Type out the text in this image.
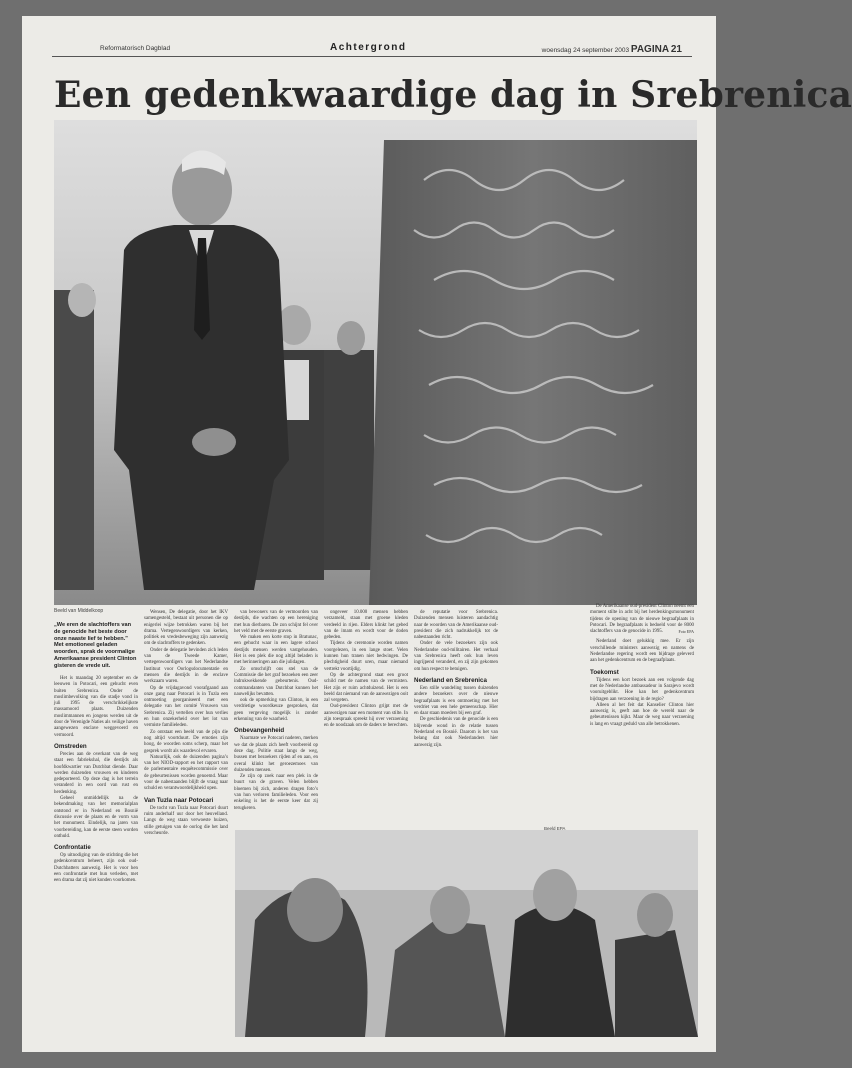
Reformatorisch Dagblad	Achtergrond	woensdag 24 september 2003 PAGINA 21
Een gedenkwaardige dag in Srebrenica
Beeld van Middelkoop
„We eren de slachtoffers van de genocide het beste door onze naaste lief te hebben.” Met emotioneel geladen woorden, sprak de voormalige Amerikaanse president Clinton gisteren de vrede uit.

Het is maandag 20 september en de leeuwen in Potocari, een gehucht even buiten Srebrenica. Onder de moslimbevolking van die stadje vond in juli 1995 de verschrikkelijkste massamoord plaats. Duizenden moslimmannen en jongens werden uit de door de Verenigde Naties als veilige haven aangewezen enclave weggevoerd en vermoord.

Omstreden

Precies aan de overkant van de weg staat een fabriekshal, die destijds als hoofdkwartier van Dutchbat diende. Daar werden duizenden vrouwen en kinderen gedeporteerd. Op deze dag is het terrein veranderd in een oord van rust en herdenking.

Geheel onmiddellijk na de bekendmaking van het memorialplan ontstond er in Nederland en Bosnië discussie over de plaats en de vorm van het monument. Eindelijk, na jaren van voorbereiding, kan de eerste steen worden onthuld.

Confrontatie

Op uitnodiging van de stichting die het gedenkcentrum beheert, zijn ook oud-Dutchbatters aanwezig. Het is voor hen een confrontatie met hun verleden, met een drama dat zij niet konden voorkomen.

Wensen, De delegatie, door het IKV samengesteld, bestaat uit personen die op enigerlei wijze betrokken waren bij het drama. Vertegenwoordigers van kerken, politiek en vredesbeweging zijn aanwezig om de slachtoffers te gedenken.

Onder de delegatie bevinden zich leden van de Tweede Kamer, vertegenwoordigers van het Nederlandse Instituut voor Oorlogsdocumentatie en mensen die destijds in de enclave werkzaam waren.

Op de vrijdagavond voorafgaand aan onze gang naar Potocari is in Tuzla een ontmoeting georganiseerd met een delegatie van het comité Vrouwen van Srebrenica. Zij vertellen over hun verlies en hun onzekerheid over het lot van vermiste familieleden.

Zo ontstaat een beeld van de pijn die nog altijd voortduurt. De emoties zijn hoog, de woorden soms scherp, maar het gesprek wordt als waardevol ervaren.

Natuurlijk, ook de duizenden pagina’s van het NIOD-rapport en het rapport van de parlementaire enquêtecommissie over de gebeurtenissen worden genoemd. Maar voor de nabestaanden blijft de vraag naar schuld en verantwoordelijkheid open.

Van Tuzla naar Potocari

De tocht van Tuzla naar Potocari duurt ruim anderhalf uur door het heuvelland. Langs de weg staan verwoeste huizen, stille getuigen van de oorlog die het land verscheurde.

van bewoners van de vermoorden van destijds, die wachten op een hereniging met hun dierbaren. De zon schijnt fel over het veld met de eerste graven.

We maken een korte stop in Bratunac, een gehucht waar in een lagere school destijds mensen werden vastgehouden. Het is een plek die nog altijd beladen is met herinneringen aan die julidagen.

Zo omschrijft ons stel van de Commissie die het graf bezoeken een zeer indrukwekkende gebeurtenis. Oud-commandanten van Dutchbat kunnen het nauwelijks bevatten.

ook de opmerking van Clinton, in een verdrietige woordkeuze gesproken, dat geen vergeving mogelijk is zonder erkenning van de waarheid.

Onbevangenheid

Naarmate we Potocari naderen, merken we dat de plaats zich heeft voorbereid op deze dag. Politie staat langs de weg, bussen met bezoekers rijden af en aan, en overal klinkt het geroezemoes van duizenden mensen.

Ze zijn op zoek naar een plek in de buurt van de graven. Velen hebben bloemen bij zich, anderen dragen foto’s van hun verloren familieleden. Voor een enkeling is het de eerste keer dat zij terugkeren.

ongeveer 10.000 mensen hebben verzameld, staan met groene kleden verdeeld in rijen. Elders klinkt het gebed van de imam en wordt voor de doden gebeden.

Tijdens de ceremonie worden namen voorgelezen, in een lange stoet. Velen kunnen hun tranen niet bedwingen. De plechtigheid duurt uren, maar niemand vertrekt voortijdig.

Op de achtergrond staat een groot schild met de namen van de vermisten. Het zijn er ruim achtduizend. Het is een beeld dat niemand van de aanwezigen ooit zal vergeten.

Oud-president Clinton grijpt met de aanwezigen naar een moment van stilte. In zijn toespraak spreekt hij over verzoening en de noodzaak om de daders te berechten.

de reputatie voor Srebrenica. Duizenden mensen luisteren aandachtig naar de woorden van de Amerikaanse oud-president die zich nadrukkelijk tot de nabestaanden richt.

Onder de vele bezoekers zijn ook Nederlandse oud-militairen. Het verhaal van Srebrenica heeft ook hun leven ingrijpend veranderd, en zij zijn gekomen om hun respect te betuigen.

Nederland en Srebrenica

Een stille wandeling tussen duizenden andere bezoekers over de nieuwe begraafplaats is een ontmoeting met het verdriet van een hele gemeenschap. Hier en daar staan moeders bij een graf.

De geschiedenis van de genocide is een blijvende wond in de relatie tussen Nederland en Bosnië. Daarom is het van belang dat ook Nederlanders hier aanwezig zijn.

Beeld EPA

De Amerikaanse oud-president Clinton neemt een moment stilte in acht bij het herdenkingsmonument tijdens de opening van de nieuwe begraafplaats in Potocari. De begraafplaats is bedoeld voor de 8000 slachtoffers van de genocide in 1995.	Foto EPA

Nederland doet gelukkig mee. Er zijn verschillende ministers aanwezig en namens de Nederlandse regering wordt een bijdrage geleverd aan het gedenkcentrum en de begraafplaats.

Toekomst

Tijdens een kort bezoek aan een volgende dag met de Nederlandse ambassadeur in Sarajevo wordt vooruitgeblikt. Hoe kan het gedenkcentrum bijdragen aan verzoening in de regio?

Alleen al het feit dat Kanselier Clinton hier aanwezig is, geeft aan hoe de wereld naar de gebeurtenissen kijkt. Maar de weg naar verzoening is lang en vraagt geduld van alle betrokkenen.
